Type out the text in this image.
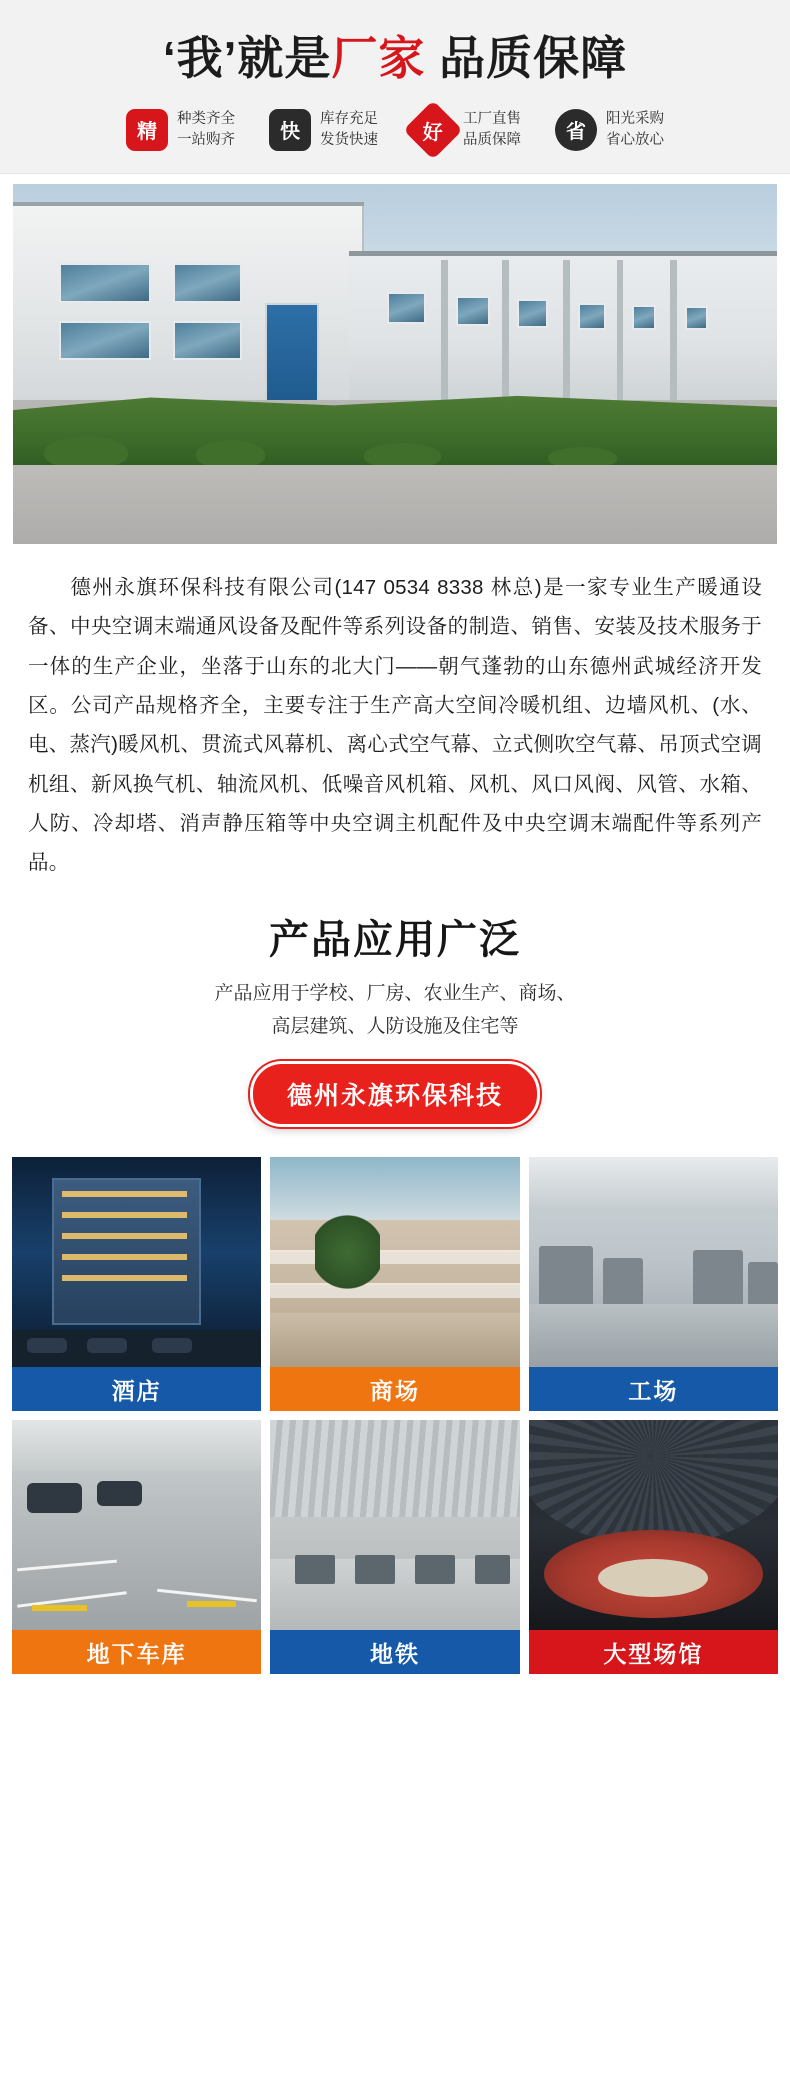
‘我’就是厂家 品质保障
精
种类齐全
一站购齐 快
库存充足
发货快速 好
工厂直售
品质保障 省
阳光采购
省心放心
德州永旗环保科技有限公司(147 0534 8338 林总)是一家专业生产暖通设备、中央空调末端通风设备及配件等系列设备的制造、销售、安装及技术服务于一体的生产企业，坐落于山东的北大门——朝气蓬勃的山东德州武城经济开发区。公司产品规格齐全，主要专注于生产高大空间冷暖机组、边墙风机、(水、电、蒸汽)暖风机、贯流式风幕机、离心式空气幕、立式侧吹空气幕、吊顶式空调机组、新风换气机、轴流风机、低噪音风机箱、风机、风口风阀、风管、水箱、人防、冷却塔、消声静压箱等中央空调主机配件及中央空调末端配件等系列产品。
产品应用广泛
产品应用于学校、厂房、农业生产、商场、
高层建筑、人防设施及住宅等
德州永旗环保科技
酒店	商场	工场
地下车库	地铁	大型场馆
